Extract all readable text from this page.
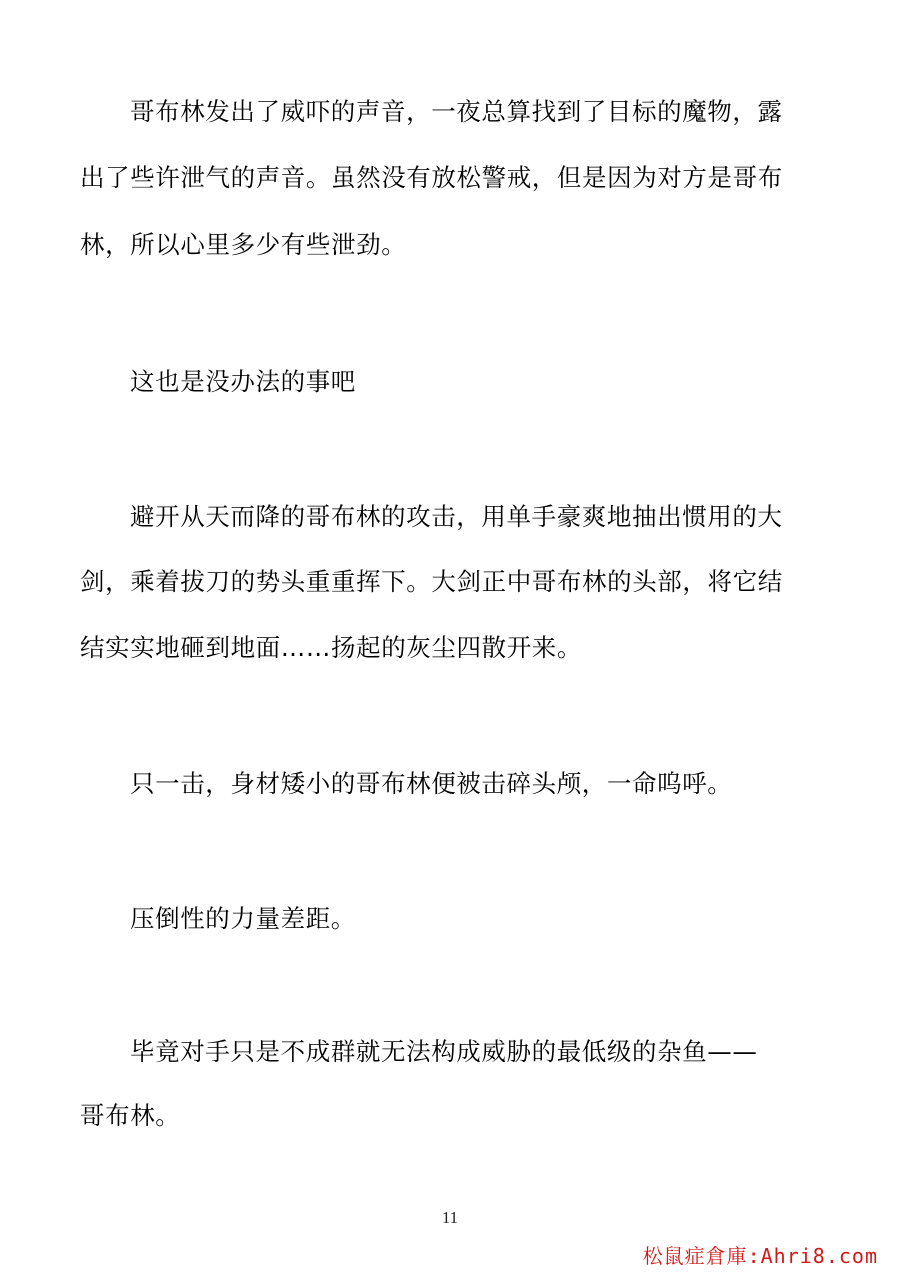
哥布林发出了威吓的声音，一夜总算找到了目标的魔物，露
出了些许泄气的声音。虽然没有放松警戒，但是因为对方是哥布
林，所以心里多少有些泄劲。
这也是没办法的事吧
避开从天而降的哥布林的攻击，用单手豪爽地抽出惯用的大
剑，乘着拔刀的势头重重挥下。大剑正中哥布林的头部，将它结
结实实地砸到地面……扬起的灰尘四散开来。
只一击，身材矮小的哥布林便被击碎头颅，一命呜呼。
压倒性的力量差距。
毕竟对手只是不成群就无法构成威胁的最低级的杂鱼——
哥布林。
11
松鼠症倉庫:Ahri8.com
